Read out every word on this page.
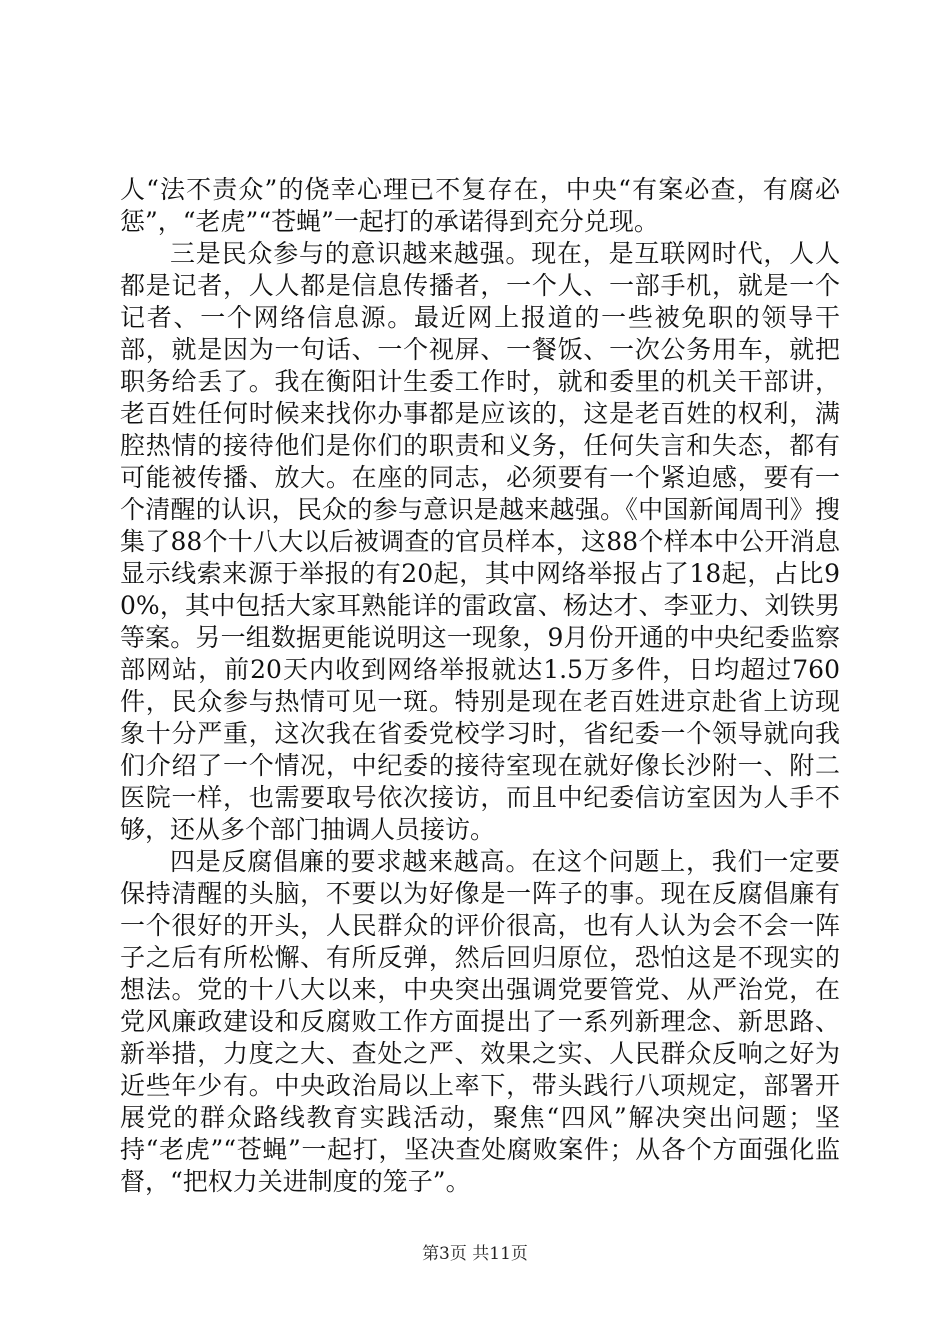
人“法不责众”的侥幸心理已不复存在，中央“有案必查，有腐必惩”，“老虎”“苍蝇”一起打的承诺得到充分兑现。

三是民众参与的意识越来越强。现在，是互联网时代，人人都是记者，人人都是信息传播者，一个人、一部手机，就是一个记者、一个网络信息源。最近网上报道的一些被免职的领导干部，就是因为一句话、一个视屏、一餐饭、一次公务用车，就把职务给丢了。我在衡阳计生委工作时，就和委里的机关干部讲，老百姓任何时候来找你办事都是应该的，这是老百姓的权利，满腔热情的接待他们是你们的职责和义务，任何失言和失态，都有可能被传播、放大。在座的同志，必须要有一个紧迫感，要有一个清醒的认识，民众的参与意识是越来越强。《中国新闻周刊》搜集了88个十八大以后被调查的官员样本，这88个样本中公开消息显示线索来源于举报的有20起，其中网络举报占了18起，占比90%，其中包括大家耳熟能详的雷政富、杨达才、李亚力、刘铁男等案。另一组数据更能说明这一现象，9月份开通的中央纪委监察部网站，前20天内收到网络举报就达1.5万多件，日均超过760件，民众参与热情可见一斑。特别是现在老百姓进京赴省上访现象十分严重，这次我在省委党校学习时，省纪委一个领导就向我们介绍了一个情况，中纪委的接待室现在就好像长沙附一、附二医院一样，也需要取号依次接访，而且中纪委信访室因为人手不够，还从多个部门抽调人员接访。

四是反腐倡廉的要求越来越高。在这个问题上，我们一定要保持清醒的头脑，不要以为好像是一阵子的事。现在反腐倡廉有一个很好的开头，人民群众的评价很高，也有人认为会不会一阵子之后有所松懈、有所反弹，然后回归原位，恐怕这是不现实的想法。党的十八大以来，中央突出强调党要管党、从严治党，在党风廉政建设和反腐败工作方面提出了一系列新理念、新思路、新举措，力度之大、查处之严、效果之实、人民群众反响之好为近些年少有。中央政治局以上率下，带头践行八项规定，部署开展党的群众路线教育实践活动，聚焦“四风”解决突出问题；坚持“老虎”“苍蝇”一起打，坚决查处腐败案件；从各个方面强化监督，“把权力关进制度的笼子”。

第3页 共11页
